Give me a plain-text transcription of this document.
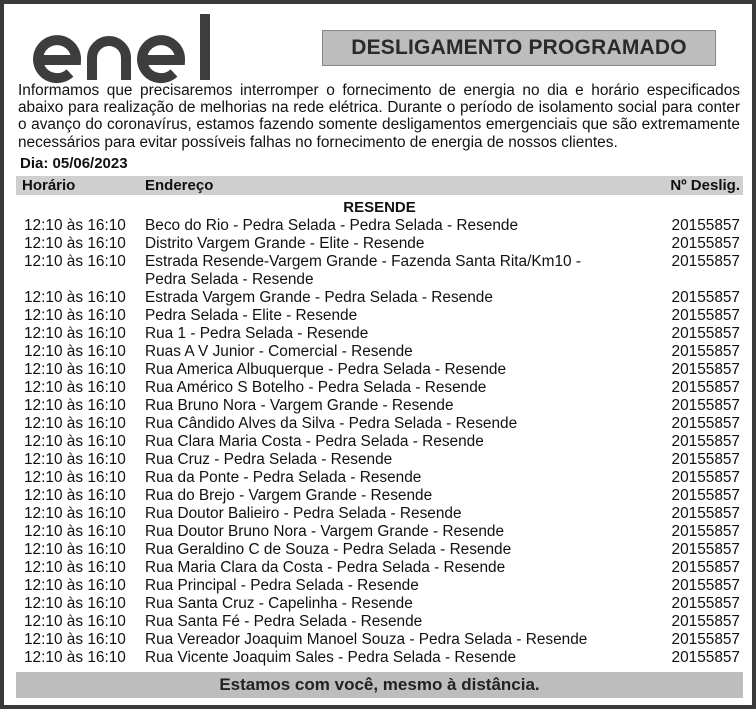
DESLIGAMENTO PROGRAMADO
Informamos que precisaremos interromper o fornecimento de energia no dia e horário especificados abaixo para realização de melhorias na rede elétrica. Durante o período de isolamento social para conter o avanço do coronavírus, estamos fazendo somente desligamentos emergenciais que são extremamente necessários para evitar possíveis falhas no fornecimento de energia de nossos clientes.
Dia: 05/06/2023
Horário	Endereço	Nº Deslig.
RESENDE
12:10 às 16:10 Beco do Rio - Pedra Selada - Pedra Selada - Resende	20155857
12:10 às 16:10 Distrito Vargem Grande - Elite - Resende	20155857
12:10 às 16:10 Estrada Resende-Vargem Grande - Fazenda Santa Rita/Km10 - Pedra Selada - Resende
20155857
12:10 às 16:10 Estrada Vargem Grande - Pedra Selada - Resende	20155857
12:10 às 16:10 Pedra Selada - Elite - Resende	20155857
12:10 às 16:10 Rua 1 - Pedra Selada - Resende	20155857
12:10 às 16:10 Ruas A V Junior - Comercial - Resende	20155857
12:10 às 16:10 Rua America Albuquerque - Pedra Selada - Resende	20155857
12:10 às 16:10 Rua Américo S Botelho - Pedra Selada - Resende	20155857
12:10 às 16:10 Rua Bruno Nora - Vargem Grande - Resende	20155857
12:10 às 16:10 Rua Cândido Alves da Silva - Pedra Selada - Resende	20155857
12:10 às 16:10 Rua Clara Maria Costa - Pedra Selada - Resende	20155857
12:10 às 16:10 Rua Cruz - Pedra Selada - Resende	20155857
12:10 às 16:10 Rua da Ponte - Pedra Selada - Resende	20155857
12:10 às 16:10 Rua do Brejo - Vargem Grande - Resende	20155857
12:10 às 16:10 Rua Doutor Balieiro - Pedra Selada - Resende	20155857
12:10 às 16:10 Rua Doutor Bruno Nora - Vargem Grande - Resende	20155857
12:10 às 16:10 Rua Geraldino C de Souza - Pedra Selada - Resende	20155857
12:10 às 16:10 Rua Maria Clara da Costa - Pedra Selada - Resende	20155857
12:10 às 16:10 Rua Principal - Pedra Selada - Resende	20155857
12:10 às 16:10 Rua Santa Cruz - Capelinha - Resende	20155857
12:10 às 16:10 Rua Santa Fé - Pedra Selada - Resende	20155857
12:10 às 16:10 Rua Vereador Joaquim Manoel Souza - Pedra Selada - Resende	20155857
12:10 às 16:10 Rua Vicente Joaquim Sales - Pedra Selada - Resende	20155857
Estamos com você, mesmo à distância.
